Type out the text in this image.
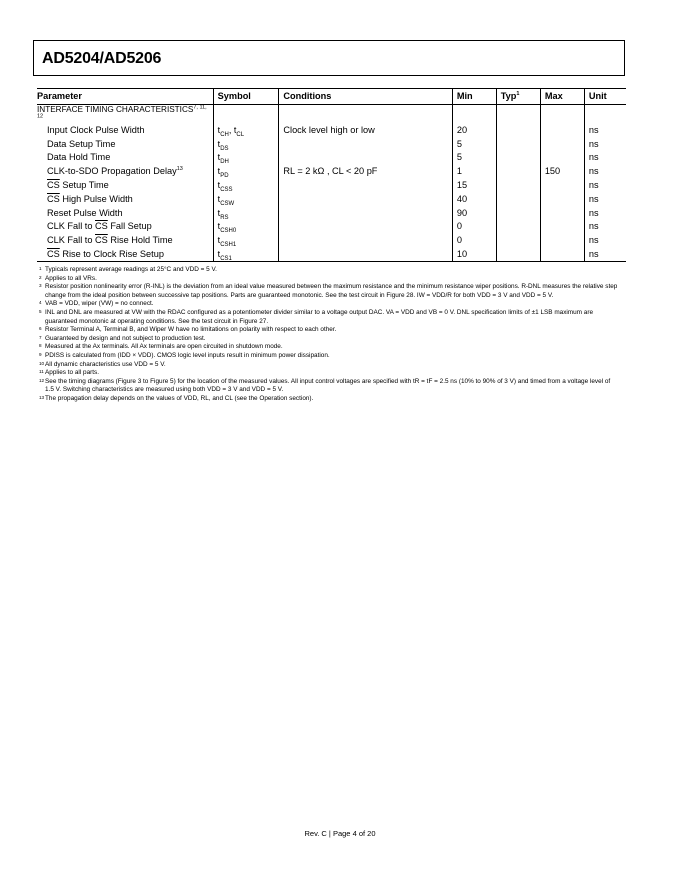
AD5204/AD5206
Parameter	Symbol	Conditions	Min	Typ$^1$	Max	Unit
INTERFACE TIMING CHARACTERISTICS$^{7, 11, 12}$						
Input Clock Pulse Width	$t_{CH}$, $t_{CL}$	Clock level high or low	20			ns
Data Setup Time	$t_{DS}$		5			ns
Data Hold Time	$t_{DH}$		5			ns
CLK-to-SDO Propagation Delay$^{13}$	$t_{PD}$	RL = 2 kΩ , CL < 20 pF	1		150	ns
$\overline{CS}$ Setup Time	$t_{CSS}$		15			ns
$\overline{CS}$ High Pulse Width	$t_{CSW}$		40			ns
Reset Pulse Width	$t_{RS}$		90			ns
CLK Fall to $\overline{CS}$ Fall Setup	$t_{CSH0}$		0			ns
CLK Fall to $\overline{CS}$ Rise Hold Time	$t_{CSH1}$		0			ns
$\overline{CS}$ Rise to Clock Rise Setup	$t_{CS1}$		10			ns
1 Typicals represent average readings at 25°C and VDD = 5 V.
2 Applies to all VRs.
3 Resistor position nonlinearity error (R-INL) is the deviation from an ideal value measured between the maximum resistance and the minimum resistance wiper positions. R-DNL measures the relative step change from the ideal position between successive tap positions. Parts are guaranteed monotonic. See the test circuit in Figure 28. IW = VDD/R for both VDD = 3 V and VDD = 5 V.
4 VAB = VDD, wiper (VW) = no connect.
5 INL and DNL are measured at VW with the RDAC configured as a potentiometer divider similar to a voltage output DAC. VA = VDD and VB = 0 V. DNL specification limits of ±1 LSB maximum are guaranteed monotonic at operating conditions. See the test circuit in Figure 27.
6 Resistor Terminal A, Terminal B, and Wiper W have no limitations on polarity with respect to each other.
7 Guaranteed by design and not subject to production test.
8 Measured at the Ax terminals. All Ax terminals are open circuited in shutdown mode.
9 PDISS is calculated from (IDD × VDD). CMOS logic level inputs result in minimum power dissipation.
10 All dynamic characteristics use VDD = 5 V.
11 Applies to all parts.
12 See the timing diagrams (Figure 3 to Figure 5) for the location of the measured values. All input control voltages are specified with tR = tF = 2.5 ns (10% to 90% of 3 V) and timed from a voltage level of 1.5 V. Switching characteristics are measured using both VDD = 3 V and VDD = 5 V.
13 The propagation delay depends on the values of VDD, RL, and CL (see the Operation section).
Rev. C | Page 4 of 20
